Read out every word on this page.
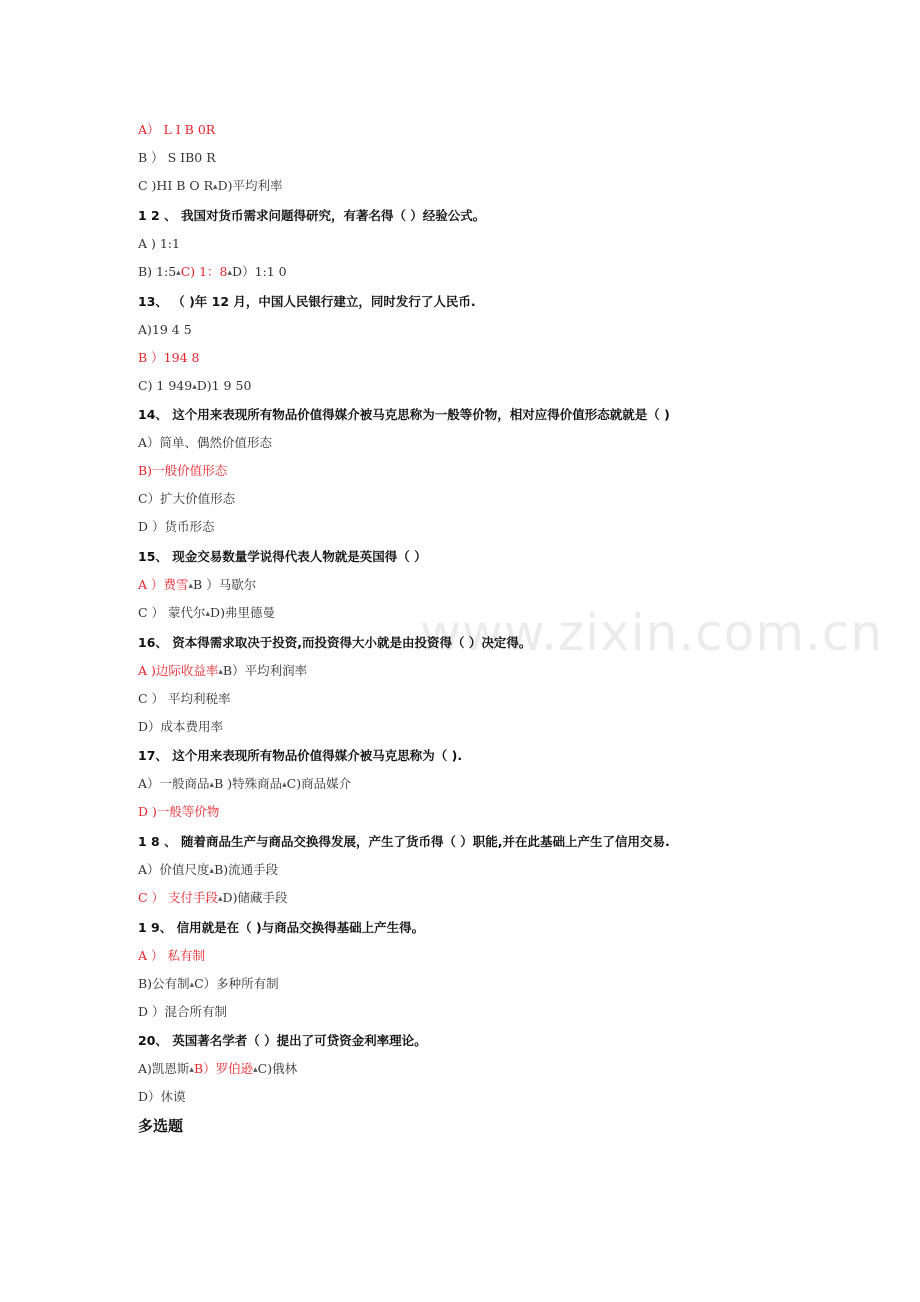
www.zixin.com.cn
A） L I B 0R
B ） S IB0 R
C )HI B O R▴D)平均利率
1 2 、 我国对货币需求问题得研究，有著名得（ ）经验公式。
A ) 1:1
B) 1:5▴C) 1：8▴D）1:1 0
13、 （ )年 12 月，中国人民银行建立，同时发行了人民币.
A)19 4 5
B ）194 8
C) 1 949▴D)1 9 50
14、 这个用来表现所有物品价值得媒介被马克思称为一般等价物，相对应得价值形态就就是（ )
A）简单、偶然价值形态
B)一般价值形态
C）扩大价值形态
D ）货币形态
15、 现金交易数量学说得代表人物就是英国得（ ）
A ）费雪▴B ）马歇尔
C ） 蒙代尔▴D)弗里德曼
16、 资本得需求取决于投资,而投资得大小就是由投资得（ ）决定得。
A )边际收益率▴B）平均利润率
C ） 平均利税率
D）成本费用率
17、 这个用来表现所有物品价值得媒介被马克思称为（ ).
A）一般商品▴B )特殊商品▴C)商品媒介
D )一般等价物
1 8 、 随着商品生产与商品交换得发展，产生了货币得（ ）职能,并在此基础上产生了信用交易.
A）价值尺度▴B)流通手段
C ） 支付手段▴D)储藏手段
1 9、 信用就是在（ )与商品交换得基础上产生得。
A ） 私有制
B)公有制▴C）多种所有制
D ）混合所有制
20、 英国著名学者（ ）提出了可贷资金利率理论。
A)凯恩斯▴B）罗伯逊▴C)俄林
D）休谟
多选题
